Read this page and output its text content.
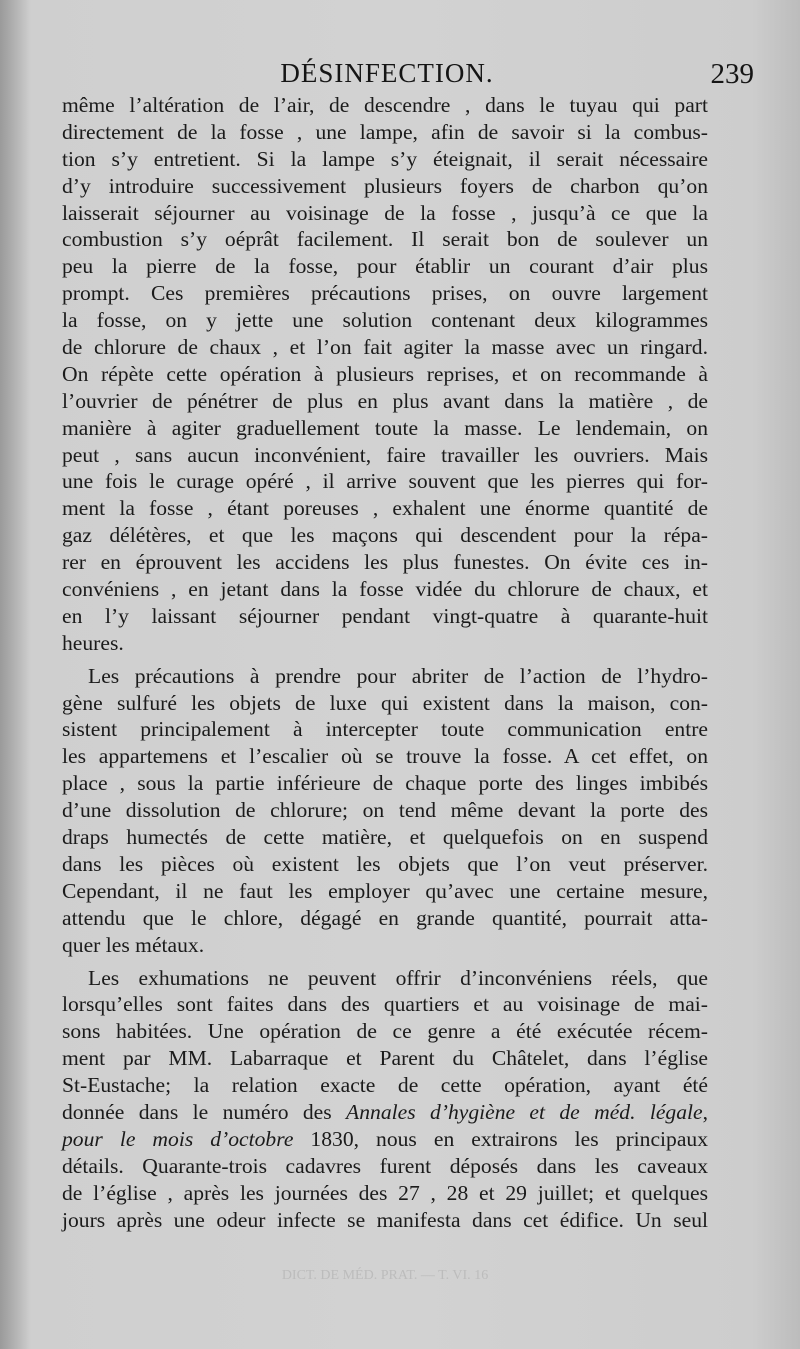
DÉSINFECTION.	239
même l’altération de l’air, de descendre , dans le tuyau qui part
directement de la fosse , une lampe, afin de savoir si la combus-
tion s’y entretient. Si la lampe s’y éteignait, il serait nécessaire
d’y introduire successivement plusieurs foyers de charbon qu’on
laisserait séjourner au voisinage de la fosse , jusqu’à ce que la
combustion s’y oéprât facilement. Il serait bon de soulever un
peu la pierre de la fosse, pour établir un courant d’air plus
prompt. Ces premières précautions prises, on ouvre largement
la fosse, on y jette une solution contenant deux kilogrammes
de chlorure de chaux , et l’on fait agiter la masse avec un ringard.
On répète cette opération à plusieurs reprises, et on recommande à
l’ouvrier de pénétrer de plus en plus avant dans la matière , de
manière à agiter graduellement toute la masse. Le lendemain, on
peut , sans aucun inconvénient, faire travailler les ouvriers. Mais
une fois le curage opéré , il arrive souvent que les pierres qui for-
ment la fosse , étant poreuses , exhalent une énorme quantité de
gaz délétères, et que les maçons qui descendent pour la répa-
rer en éprouvent les accidens les plus funestes. On évite ces in-
convéniens , en jetant dans la fosse vidée du chlorure de chaux, et
en l’y laissant séjourner pendant vingt-quatre à quarante-huit
heures.
Les précautions à prendre pour abriter de l’action de l’hydro-
gène sulfuré les objets de luxe qui existent dans la maison, con-
sistent principalement à intercepter toute communication entre
les appartemens et l’escalier où se trouve la fosse. A cet effet, on
place , sous la partie inférieure de chaque porte des linges imbibés
d’une dissolution de chlorure; on tend même devant la porte des
draps humectés de cette matière, et quelquefois on en suspend
dans les pièces où existent les objets que l’on veut préserver.
Cependant, il ne faut les employer qu’avec une certaine mesure,
attendu que le chlore, dégagé en grande quantité, pourrait atta-
quer les métaux.
Les exhumations ne peuvent offrir d’inconvéniens réels, que
lorsqu’elles sont faites dans des quartiers et au voisinage de mai-
sons habitées. Une opération de ce genre a été exécutée récem-
ment par MM. Labarraque et Parent du Châtelet, dans l’église
St-Eustache; la relation exacte de cette opération, ayant été
donnée dans le numéro des Annales d’hygiène et de méd. légale,
pour le mois d’octobre 1830, nous en extrairons les principaux
détails. Quarante-trois cadavres furent déposés dans les caveaux
de l’église , après les journées des 27 , 28 et 29 juillet; et quelques
jours après une odeur infecte se manifesta dans cet édifice. Un seul
DICT. DE MÉD. PRAT. — T. VI. 16
